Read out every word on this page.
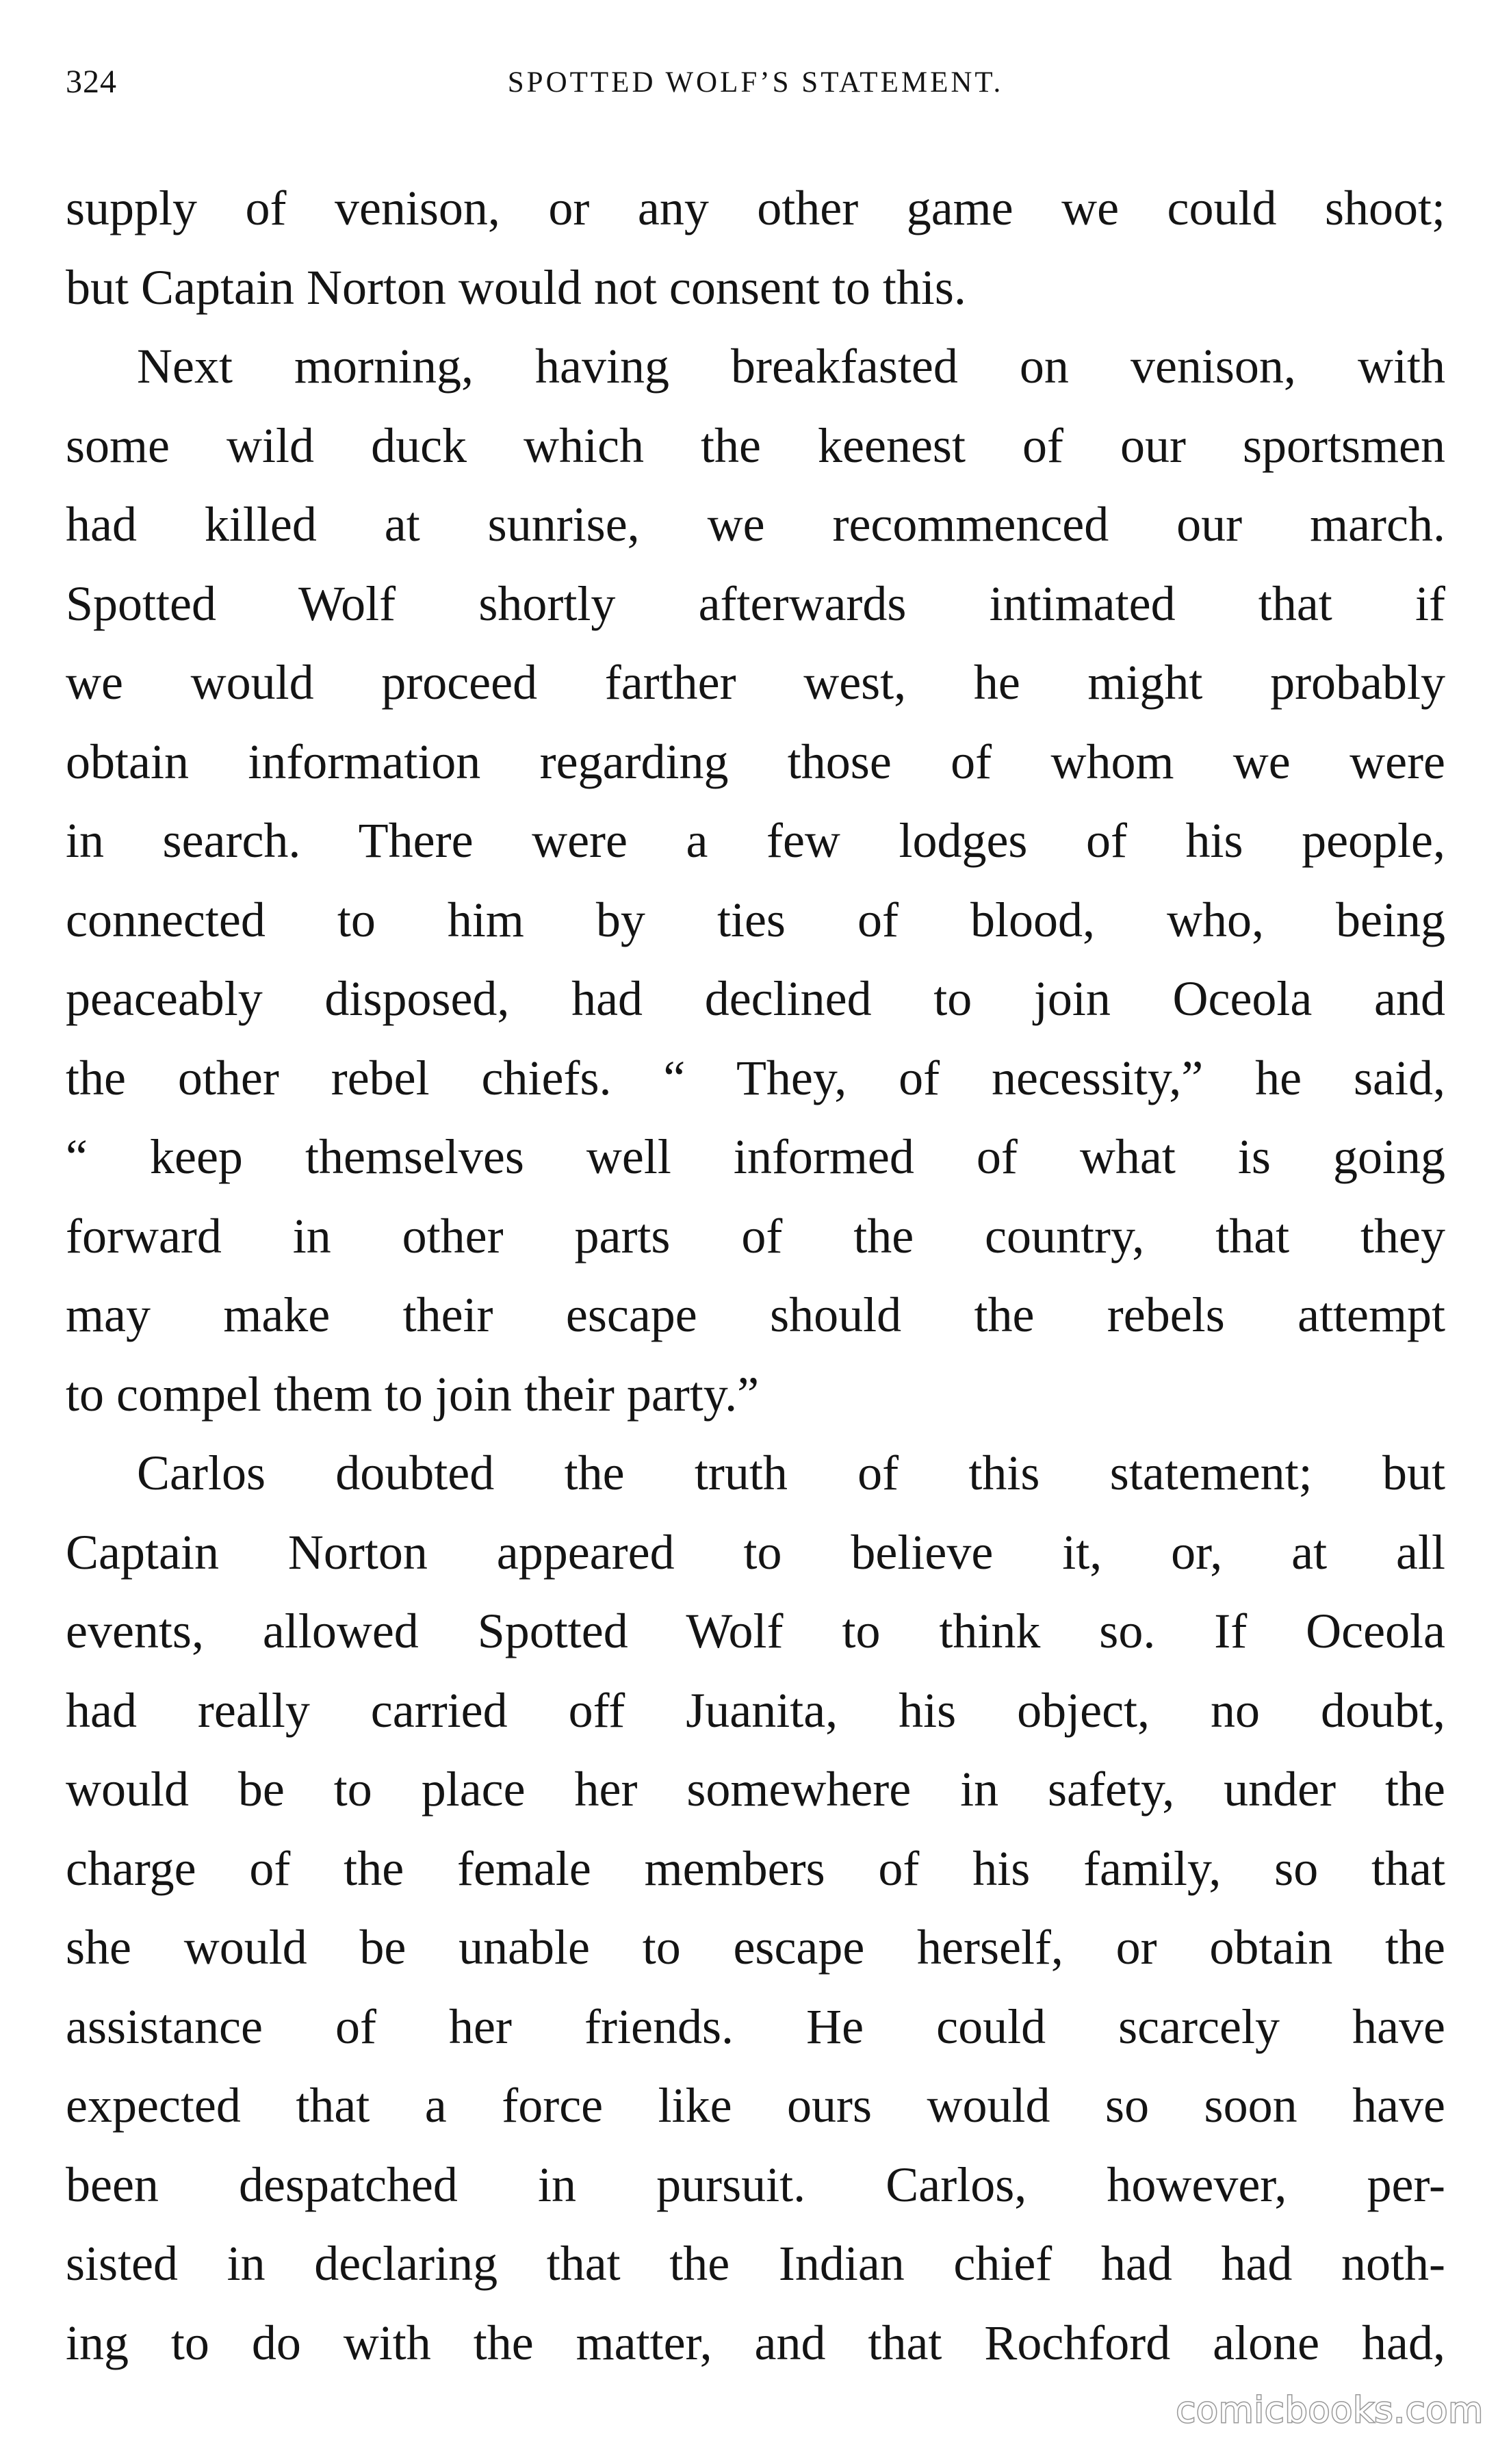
324	SPOTTED WOLF’S STATEMENT.
supply of venison, or any other game we could shoot;
but Captain Norton would not consent to this.
Next morning, having breakfasted on venison, with
some wild duck which the keenest of our sportsmen
had killed at sunrise, we recommenced our march.
Spotted Wolf shortly afterwards intimated that if
we would proceed farther west, he might probably
obtain information regarding those of whom we were
in search. There were a few lodges of his people,
connected to him by ties of blood, who, being
peaceably disposed, had declined to join Oceola and
the other rebel chiefs. “ They, of necessity,” he said,
“ keep themselves well informed of what is going
forward in other parts of the country, that they
may make their escape should the rebels attempt
to compel them to join their party.”
Carlos doubted the truth of this statement; but
Captain Norton appeared to believe it, or, at all
events, allowed Spotted Wolf to think so. If Oceola
had really carried off Juanita, his object, no doubt,
would be to place her somewhere in safety, under the
charge of the female members of his family, so that
she would be unable to escape herself, or obtain the
assistance of her friends. He could scarcely have
expected that a force like ours would so soon have
been despatched in pursuit. Carlos, however, per-
sisted in declaring that the Indian chief had had noth-
ing to do with the matter, and that Rochford alone had,
comicbooks.com
